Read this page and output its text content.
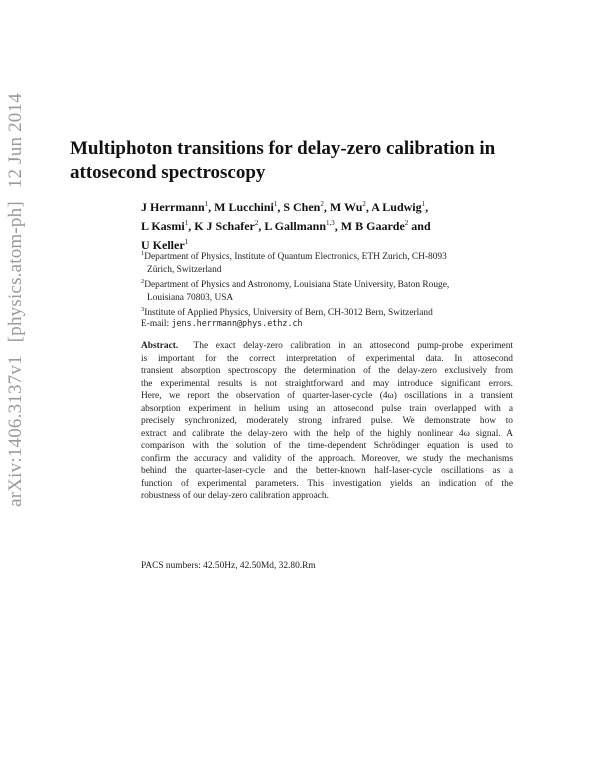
arXiv:1406.3137v1 [physics.atom-ph] 12 Jun 2014 Multiphoton transitions for delay-zero calibration in attosecond spectroscopy
J Herrmann$^1$, M Lucchini$^1$, S Chen$^2$, M Wu$^2$, A Ludwig$^1$,
L Kasmi$^1$, K J Schafer$^2$, L Gallmann$^{1,3}$, M B Gaarde$^2$ and
U Keller$^1$
$^1$Department of Physics, Institute of Quantum Electronics, ETH Zurich, CH-8093
Zürich, Switzerland
$^2$Department of Physics and Astronomy, Louisiana State University, Baton Rouge,
Louisiana 70803, USA
$^3$Institute of Applied Physics, University of Bern, CH-3012 Bern, Switzerland
E-mail: jens.herrmann@phys.ethz.ch
Abstract. The exact delay-zero calibration in an attosecond pump-probe experiment
is important for the correct interpretation of experimental data. In attosecond
transient absorption spectroscopy the determination of the delay-zero exclusively from
the experimental results is not straightforward and may introduce significant errors.
Here, we report the observation of quarter-laser-cycle (4ω) oscillations in a transient
absorption experiment in helium using an attosecond pulse train overlapped with a
precisely synchronized, moderately strong infrared pulse. We demonstrate how to
extract and calibrate the delay-zero with the help of the highly nonlinear 4ω signal. A
comparison with the solution of the time-dependent Schrödinger equation is used to
confirm the accuracy and validity of the approach. Moreover, we study the mechanisms
behind the quarter-laser-cycle and the better-known half-laser-cycle oscillations as a
function of experimental parameters. This investigation yields an indication of the
robustness of our delay-zero calibration approach.
PACS numbers: 42.50Hz, 42.50Md, 32.80.Rm
